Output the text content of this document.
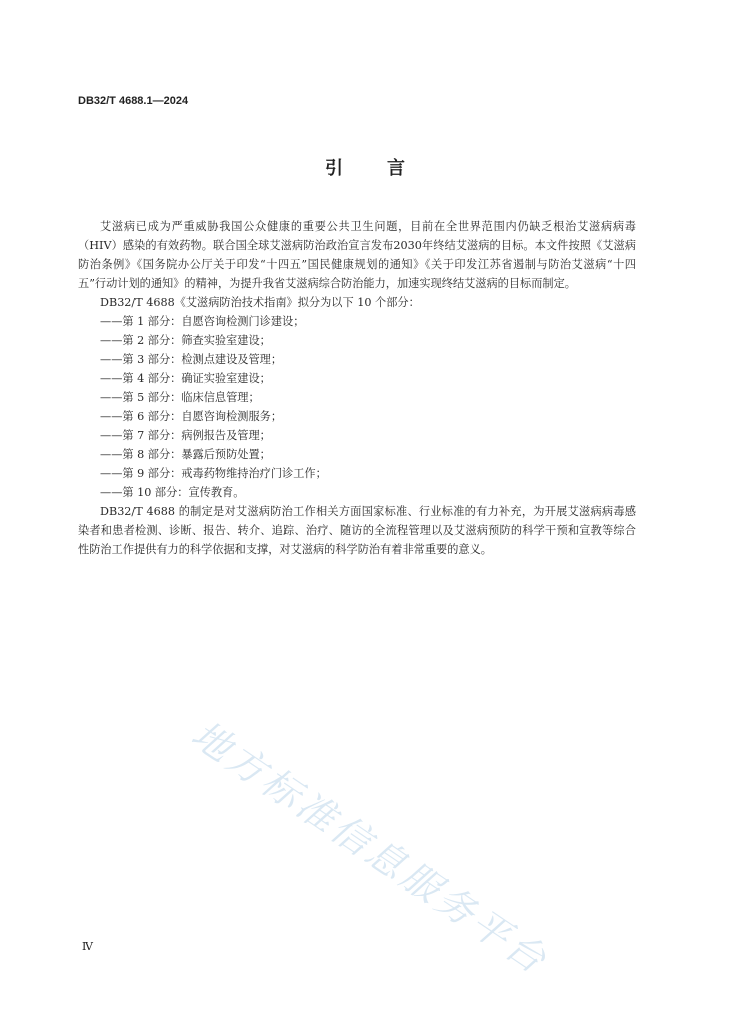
DB32/T 4688.1—2024
引言

艾滋病已成为严重威胁我国公众健康的重要公共卫生问题，目前在全世界范围内仍缺乏根治艾滋病病毒（HIV）感染的有效药物。联合国全球艾滋病防治政治宣言发布2030年终结艾滋病的目标。本文件按照《艾滋病防治条例》《国务院办公厅关于印发“十四五”国民健康规划的通知》《关于印发江苏省遏制与防治艾滋病“十四五”行动计划的通知》的精神，为提升我省艾滋病综合防治能力，加速实现终结艾滋病的目标而制定。

DB32/T 4688《艾滋病防治技术指南》拟分为以下 10 个部分：

——第 1 部分：自愿咨询检测门诊建设；
——第 2 部分：筛查实验室建设；
——第 3 部分：检测点建设及管理；
——第 4 部分：确证实验室建设；
——第 5 部分：临床信息管理；
——第 6 部分：自愿咨询检测服务；
——第 7 部分：病例报告及管理；
——第 8 部分：暴露后预防处置；
——第 9 部分：戒毒药物维持治疗门诊工作；
——第 10 部分：宣传教育。

DB32/T 4688 的制定是对艾滋病防治工作相关方面国家标准、行业标准的有力补充，为开展艾滋病病毒感染者和患者检测、诊断、报告、转介、追踪、治疗、随访的全流程管理以及艾滋病预防的科学干预和宣教等综合性防治工作提供有力的科学依据和支撑，对艾滋病的科学防治有着非常重要的意义。

地方标准信息服务平台
Ⅳ
